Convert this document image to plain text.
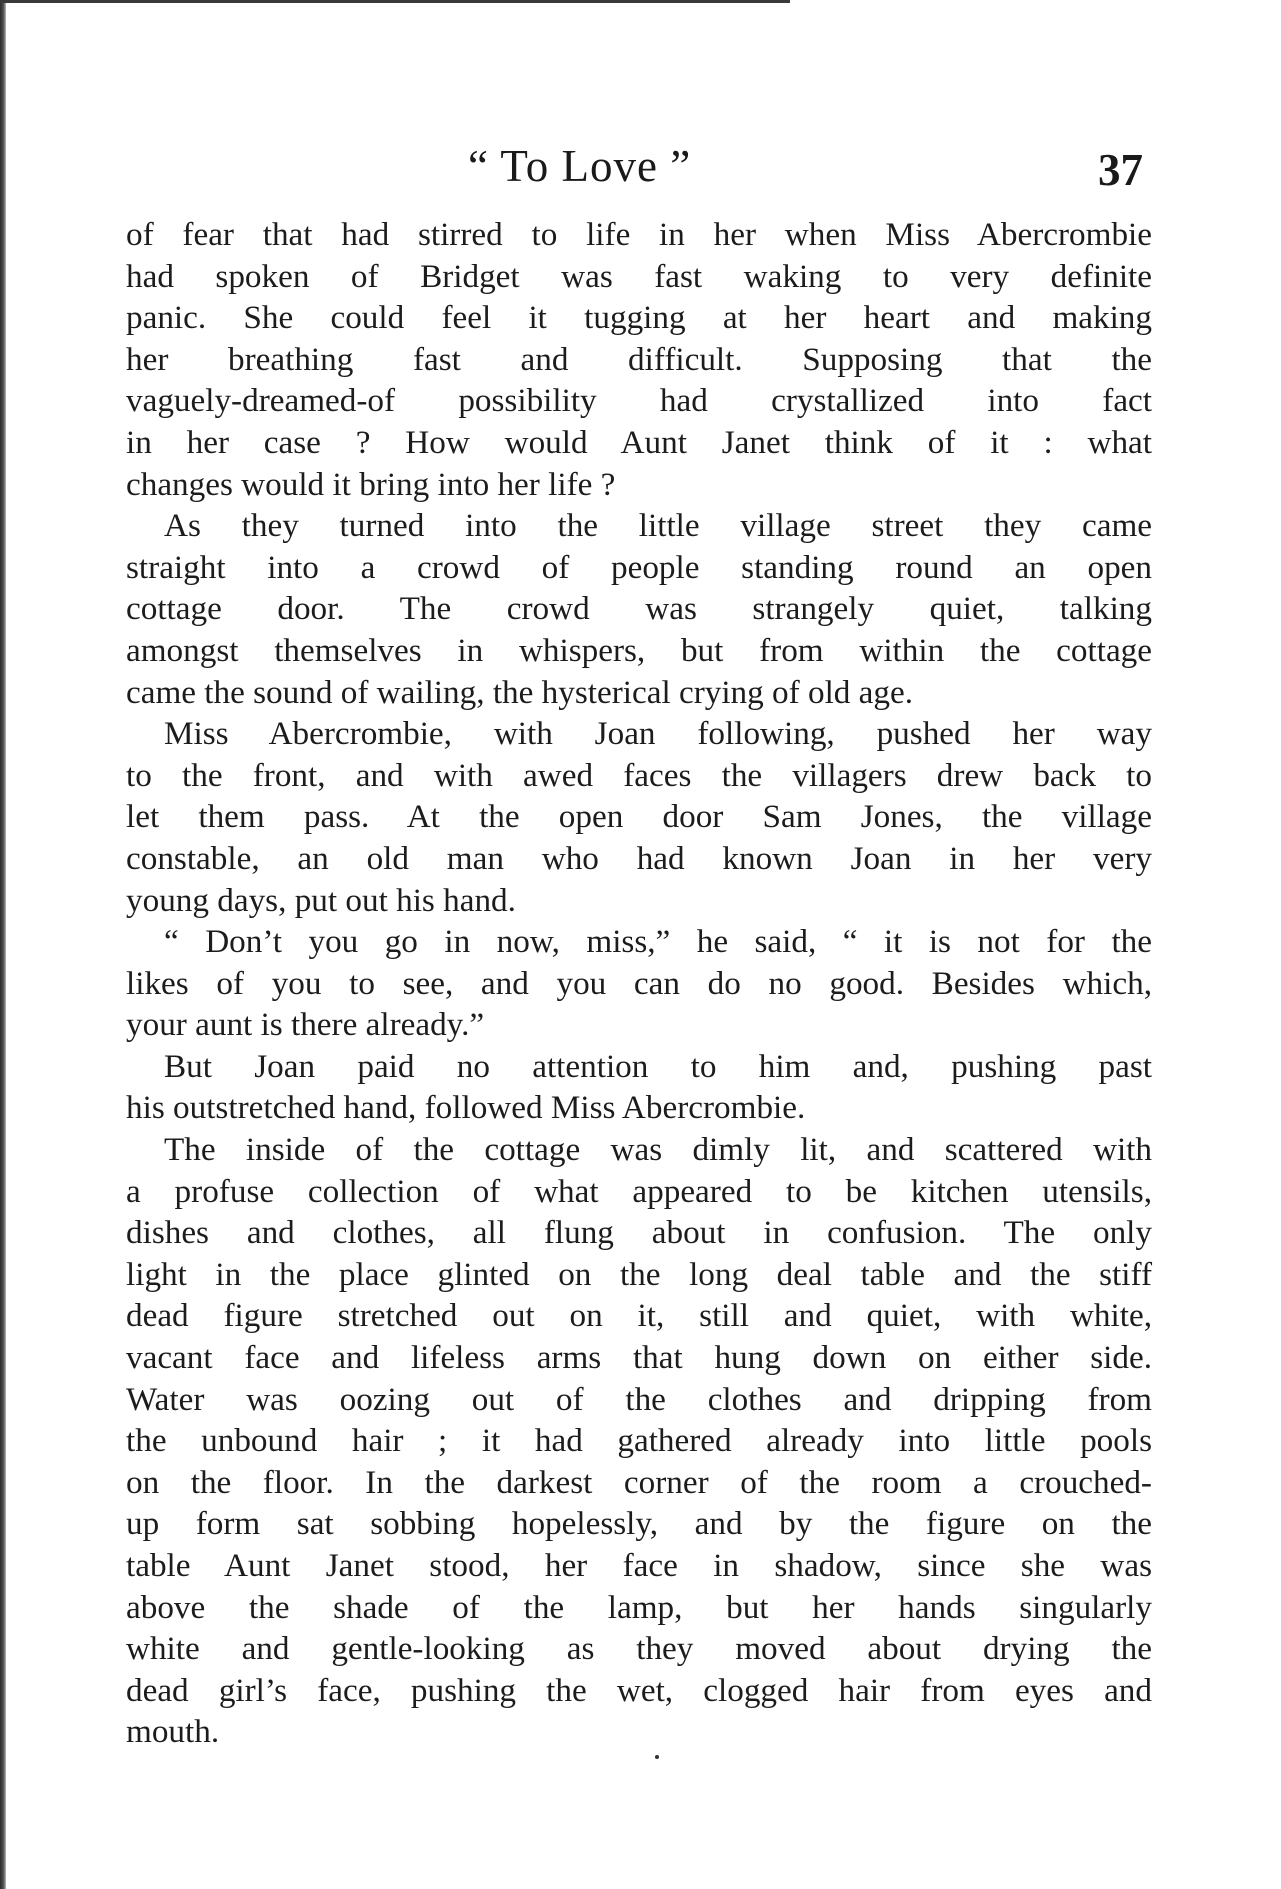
“ To Love ”	37

of fear that had stirred to life in her when Miss Abercrombie
had spoken of Bridget was fast waking to very definite
panic. She could feel it tugging at her heart and making
her breathing fast and difficult. Supposing that the
vaguely-dreamed-of possibility had crystallized into fact
in her case ? How would Aunt Janet think of it : what
changes would it bring into her life ?

As they turned into the little village street they came
straight into a crowd of people standing round an open
cottage door. The crowd was strangely quiet, talking
amongst themselves in whispers, but from within the cottage
came the sound of wailing, the hysterical crying of old age.

Miss Abercrombie, with Joan following, pushed her way
to the front, and with awed faces the villagers drew back to
let them pass. At the open door Sam Jones, the village
constable, an old man who had known Joan in her very
young days, put out his hand.

“ Don’t you go in now, miss,” he said, “ it is not for the
likes of you to see, and you can do no good. Besides which,
your aunt is there already.”

But Joan paid no attention to him and, pushing past
his outstretched hand, followed Miss Abercrombie.

The inside of the cottage was dimly lit, and scattered with
a profuse collection of what appeared to be kitchen utensils,
dishes and clothes, all flung about in confusion. The only
light in the place glinted on the long deal table and the stiff
dead figure stretched out on it, still and quiet, with white,
vacant face and lifeless arms that hung down on either side.
Water was oozing out of the clothes and dripping from
the unbound hair ; it had gathered already into little pools
on the floor. In the darkest corner of the room a crouched-
up form sat sobbing hopelessly, and by the figure on the
table Aunt Janet stood, her face in shadow, since she was
above the shade of the lamp, but her hands singularly
white and gentle-looking as they moved about drying the
dead girl’s face, pushing the wet, clogged hair from eyes and
mouth.
